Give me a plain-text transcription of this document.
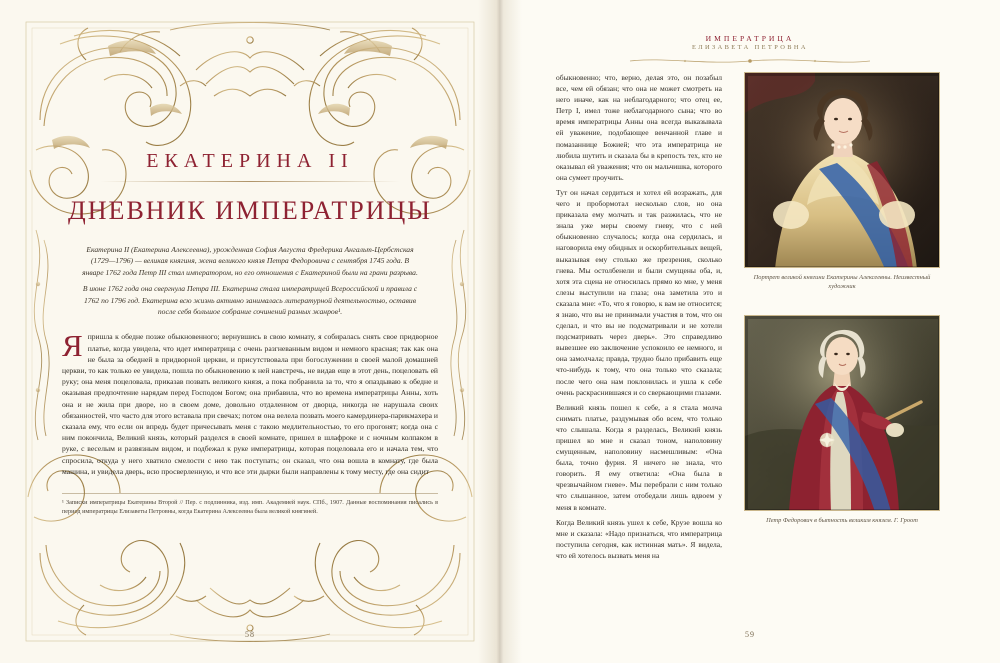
ЕКАТЕРИНА II
ДНЕВНИК ИМПЕРАТРИЦЫ

Екатерина II (Екатерина Алексеевна), урожденная София Августа Фредерика Ангальт-Цербстская (1729—1796) — великая княгиня, жена великого князя Петра Федоровича с сентября 1745 года. В январе 1762 года Петр III стал императором, но его отношения с Екатериной были на грани разрыва.

В июне 1762 года она свергнула Петра III. Екатерина стала императрицей Всероссийской и правила с 1762 по 1796 год. Екатерина всю жизнь активно занималась литературной деятельностью, оставив после себя большое собрание сочинений разных жанров¹.

Япришла к обедне позже обыкновенного; вернувшись в свою комнату, я собиралась снять свое придворное платье, когда увидела, что идет императрица с очень разгневанным видом и немного красная; так как она не была за обедней в придворной церкви, и присутствовала при богослужении в своей малой домашней церкви, то как только ее увидела, пошла по обыкновению к ней навстречь, не видав еще в этот день, поцеловать ей руку; она меня поцеловала, приказав позвать великого князя, а пока побранила за то, что я опаздываю к обедне и оказывая предпочтение нарядам перед Господом Богом; она прибавила, что во времена императрицы Анны, хоть она и не жила при дворе, но в своем доме, довольно отдаленном от дворца, никогда не нарушала своих обязанностей, что часто для этого вставала при свечах; потом она велела позвать моего камердинера-парикмахера и сказала ему, что если он впредь будет причесывать меня с такою медлительностью, то его прогонят; когда она с ним покончила, Великий князь, который разделся в своей комнате, пришел в шлафроке и с ночным колпаком в руке, с веселым и развязным видом, и подбежал к руке императрицы, которая поцеловала его и начала тем, что спросила, откуда у него хватило смелости с нею так поступать; он сказал, что она вошла в комнату, где была машина, и увидела дверь, всю просверленную, и что все эти дырки были направлены к тому месту, где она сидит

¹ Записки императрицы Екатерины Второй // Пер. с подлинника, изд. имп. Академией наук. СПб., 1907. Данные воспоминания писались в период императрицы Елизаветы Петровны, когда Екатерина Алексеевна была великой княгиней.
58
ИМПЕРАТРИЦА
ЕЛИЗАВЕТА ПЕТРОВНА

обыкновенно; что, верно, делая это, он позабыл все, чем ей обязан; что она не может смотреть на него иначе, как на неблагодарного; что отец ее, Петр I, имел тоже неблагодарного сына; что во время императрицы Анны она всегда выказывала ей уважение, подобающее венчанной главе и помазаннице Божией; что эта императрица не любила шутить и сказала бы в крепость тех, кто не оказывал ей уважения; что он мальчишка, которого она сумеет проучить.

Тут он начал сердиться и хотел ей возражать, для чего и пробормотал несколько слов, но она приказала ему молчать и так разжилась, что не знала уже меры своему гневу, что с ней обыкновенно случалось; когда она сердилась, и наговорила ему обидных и оскорбительных вещей, выказывая ему столько же презрения, сколько гнева. Мы остолбенели и были смущены оба, и, хотя эта сцена не относилась прямо ко мне, у меня слезы выступили на глаза; она заметила это и сказала мне: «То, что я говорю, к вам не относится; я знаю, что вы не принимали участия в том, что он сделал, и что вы не подсматривали и не хотели подсматривать через дверь». Это справедливо вывезшее ею заключение успокоило ее немного, и она замолчала; правда, трудно было прибавить еще что-нибудь к тому, что она только что сказала; после чего она нам поклонилась и ушла к себе очень раскраснившаяся и со сверкающими глазами.

Великий князь пошел к себе, а я стала молча снимать платье, раздумывая обо всем, что только что слышала. Когда я разделась, Великий князь пришел ко мне и сказал тоном, наполовину смущенным, наполовину насмешливым: «Она была, точно фурия. Я ничего не знала, что говорить. Я ему ответила: «Она была в чрезвычайном гневе». Мы перебрали с ним только что слышанное, затем отобедали лишь вдвоем у меня в комнате.

Когда Великий князь ушел к себе, Круэе вошла ко мне и сказала: «Надо признаться, что императрица поступила сегодня, как истинная мать». Я видела, что ей хотелось вызвать меня на

Портрет великой княгини Екатерины Алексеевны. Неизвестный художник
Петр Федорович в бытность великим князем. Г. Гроот
59
